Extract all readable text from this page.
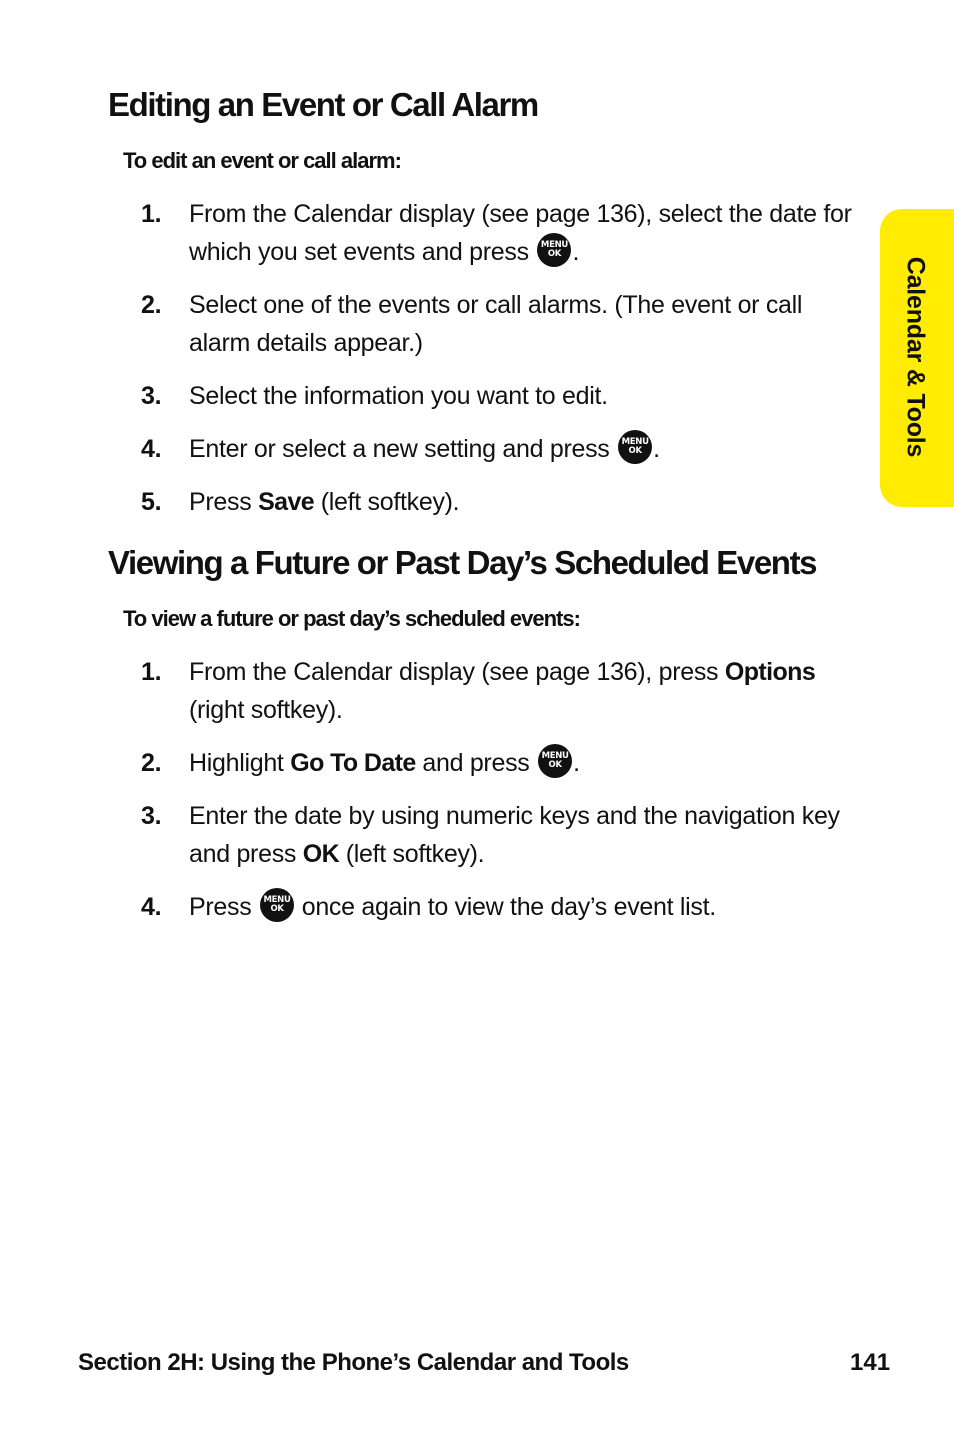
Editing an Event or Call Alarm

To edit an event or call alarm:

1. From the Calendar display (see page 136), select the date for which you set events and press	MENU
OK .
2. Select one of the events or call alarms. (The event or call alarm details appear.)
3. Select the information you want to edit.
4. Enter or select a new setting and press	MENU
OK .
5. Press Save (left softkey).
Viewing a Future or Past Day’s Scheduled Events

To view a future or past day’s scheduled events:

1. From the Calendar display (see page 136), press Options (right softkey).
2. Highlight Go To Date and press	MENU
OK .
3. Enter the date by using numeric keys and the navigation key and press OK (left softkey).
4. Press	MENU
OK once again to view the day’s event list.
Calendar & Tools
Section 2H: Using the Phone’s Calendar and Tools	141
